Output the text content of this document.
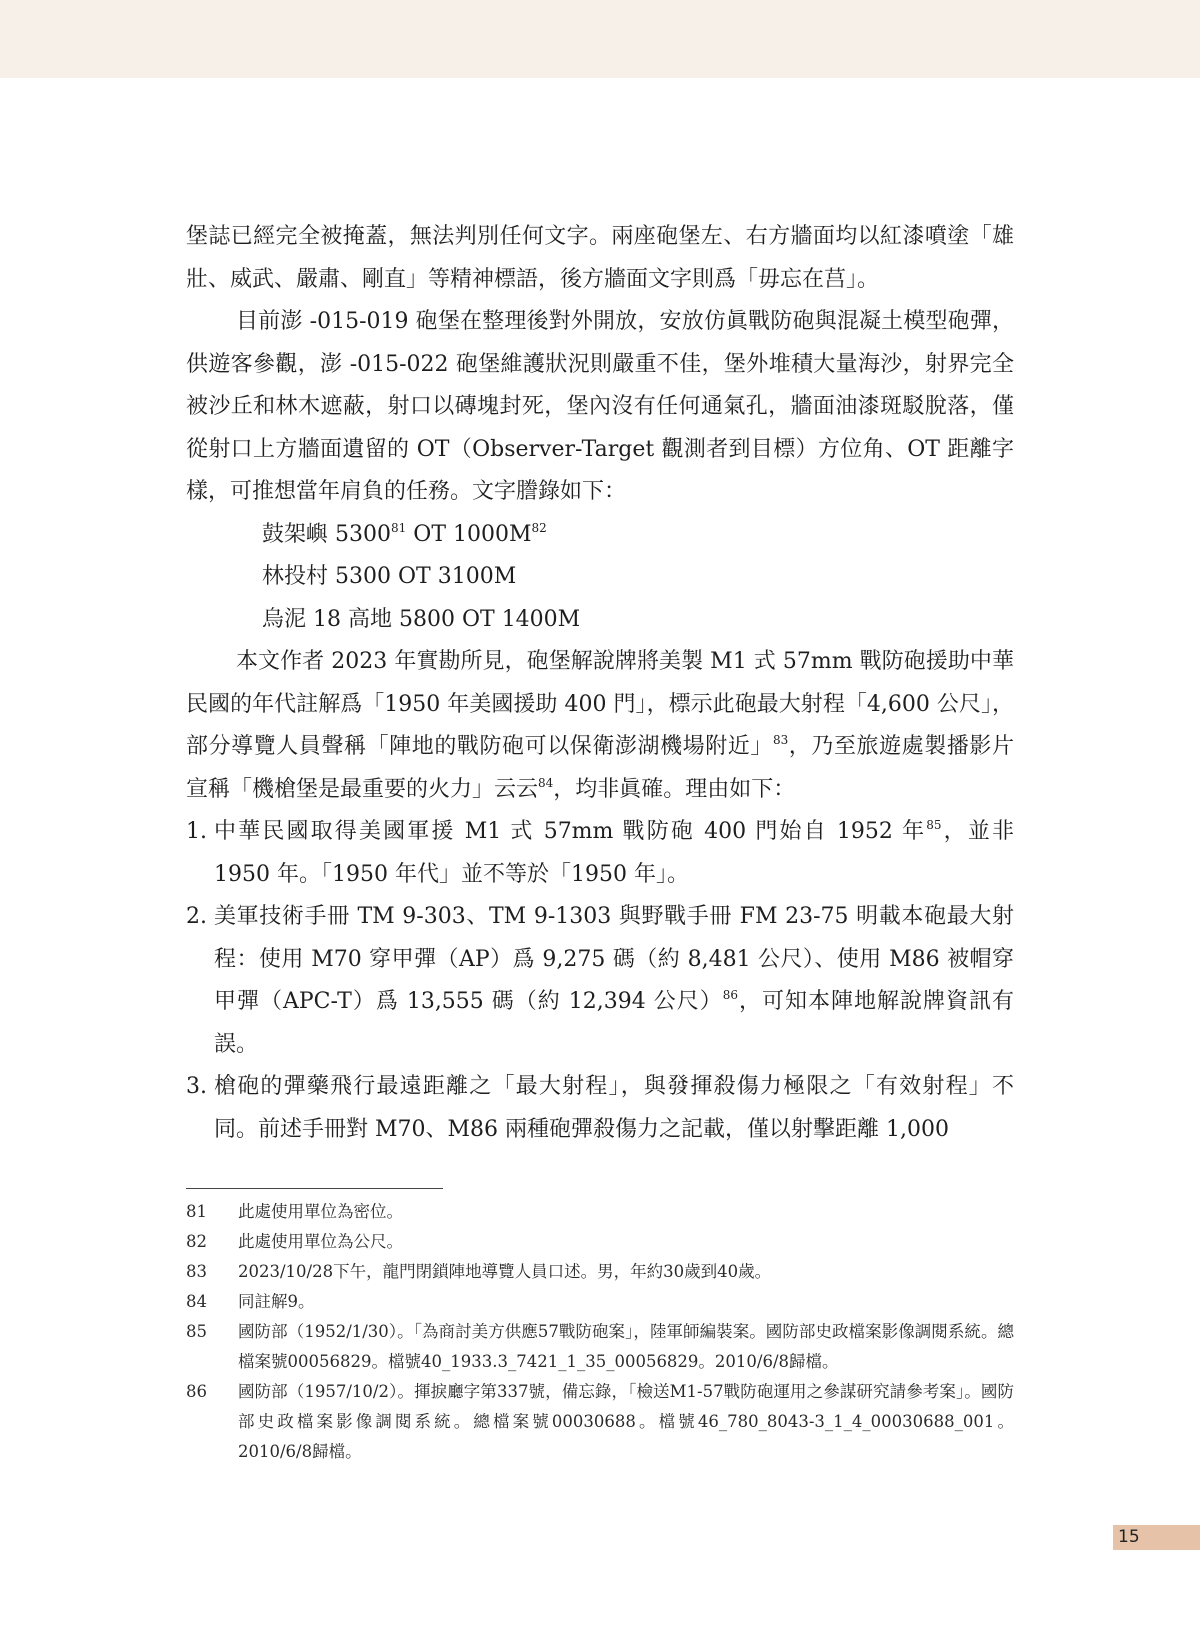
堡誌已經完全被掩蓋，無法判別任何文字。兩座砲堡左、右方牆面均以紅漆噴塗「雄壯、威武、嚴肅、剛直」等精神標語，後方牆面文字則爲「毋忘在莒」。

目前澎 -015-019 砲堡在整理後對外開放，安放仿眞戰防砲與混凝土模型砲彈，供遊客參觀，澎 -015-022 砲堡維護狀況則嚴重不佳，堡外堆積大量海沙，射界完全被沙丘和林木遮蔽，射口以磚塊封死，堡內沒有任何通氣孔，牆面油漆斑駁脫落，僅從射口上方牆面遺留的 OT（Observer-Target 觀測者到目標）方位角、OT 距離字樣，可推想當年肩負的任務。文字謄錄如下：

鼓架嶼 5300$^{81}$ OT $1000M^{82}$

林投村 5300 OT 3100M

烏泥 18 高地 5800 OT 1400M

本文作者 2023 年實勘所見，砲堡解說牌將美製 M1 式 57mm 戰防砲援助中華民國的年代註解爲「1950 年美國援助 400 門」，標示此砲最大射程「4,600 公尺」，部分導覽人員聲稱「陣地的戰防砲可以保衛澎湖機場附近」$^{83}$，乃至旅遊處製播影片宣稱「機槍堡是最重要的火力」云云$^{84}$，均非眞確。理由如下：

1. 中華民國取得美國軍援 M1 式 57mm 戰防砲 400 門始自 1952 年$^{85}$，並非 1950 年。「1950 年代」並不等於「1950 年」。
2. 美軍技術手冊 TM 9-303、TM 9-1303 與野戰手冊 FM 23-75 明載本砲最大射程：使用 M70 穿甲彈（AP）爲 9,275 碼（約 8,481 公尺）、使用 M86 被帽穿甲彈（APC-T）爲 13,555 碼（約 12,394 公尺）$^{86}$，可知本陣地解說牌資訊有誤。
3. 槍砲的彈藥飛行最遠距離之「最大射程」，與發揮殺傷力極限之「有效射程」不同。前述手冊對 M70、M86 兩種砲彈殺傷力之記載，僅以射擊距離 1,000
81	此處使用單位為密位。
82	此處使用單位為公尺。
83	2023/10/28下午，龍門閉鎖陣地導覽人員口述。男，年約30歲到40歲。
84	同註解9。
85	國防部（1952/1/30）。「為商討美方供應57戰防砲案」，陸軍師編裝案。國防部史政檔案影像調閱系統。總檔案號00056829。檔號40_1933.3_7421_1_35_00056829。2010/6/8歸檔。
86	國防部（1957/10/2）。揮捩廳字第337號，備忘錄，「檢送M1-57戰防砲運用之參謀研究請參考案」。國防部史政檔案影像調閱系統。總檔案號00030688。檔號46_780_8043-3_1_4_00030688_001。2010/6/8歸檔。
15
